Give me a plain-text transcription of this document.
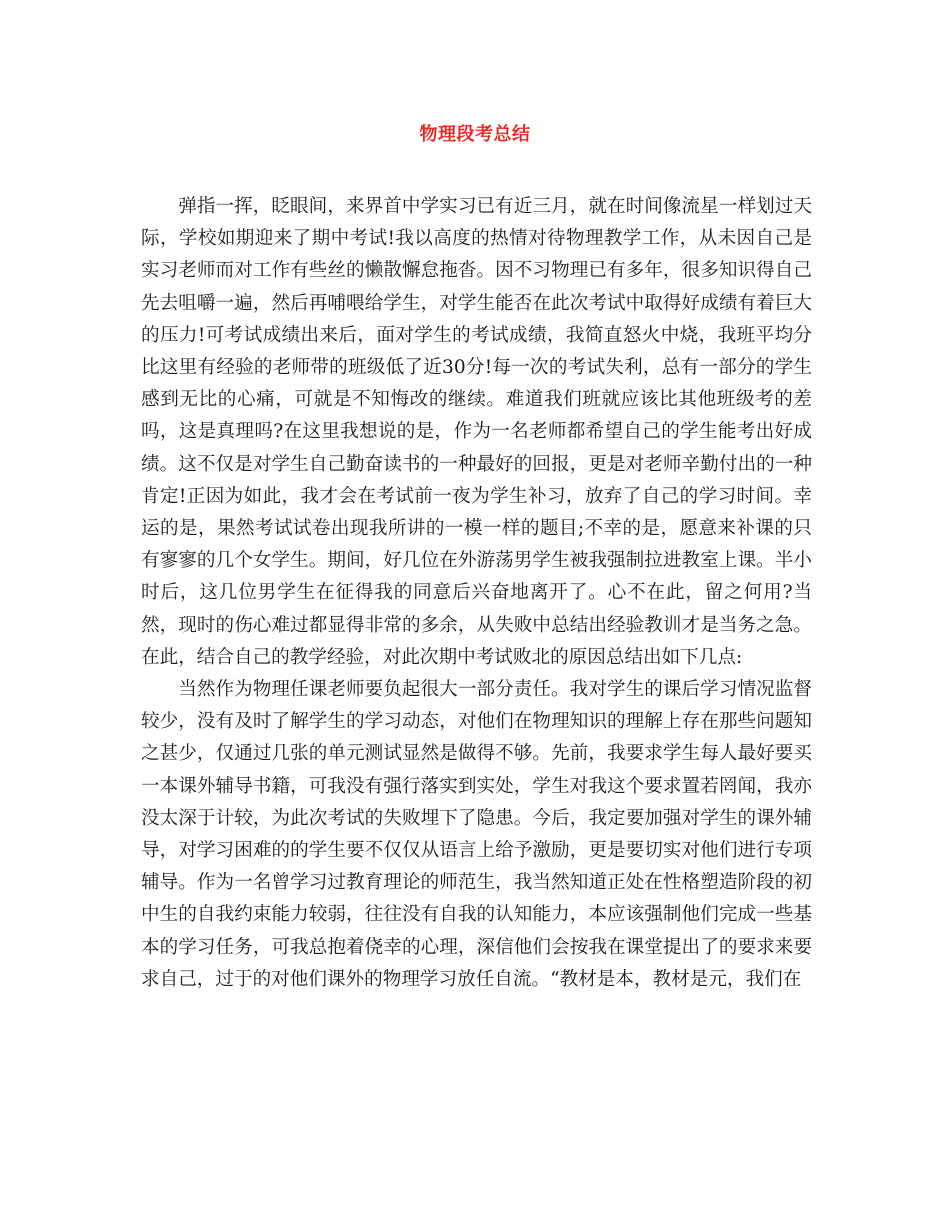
物理段考总结

弹指一挥，眨眼间，来界首中学实习已有近三月，就在时间像流星一样划过天际，学校如期迎来了期中考试!我以高度的热情对待物理教学工作，从未因自己是实习老师而对工作有些丝的懒散懈怠拖沓。因不习物理已有多年，很多知识得自己先去咀嚼一遍，然后再哺喂给学生，对学生能否在此次考试中取得好成绩有着巨大的压力!可考试成绩出来后，面对学生的考试成绩，我简直怒火中烧，我班平均分比这里有经验的老师带的班级低了近30分!每一次的考试失利，总有一部分的学生感到无比的心痛，可就是不知悔改的继续。难道我们班就应该比其他班级考的差吗，这是真理吗?在这里我想说的是，作为一名老师都希望自己的学生能考出好成绩。这不仅是对学生自己勤奋读书的一种最好的回报，更是对老师辛勤付出的一种肯定!正因为如此，我才会在考试前一夜为学生补习，放弃了自己的学习时间。幸运的是，果然考试试卷出现我所讲的一模一样的题目;不幸的是，愿意来补课的只有寥寥的几个女学生。期间，好几位在外游荡男学生被我强制拉进教室上课。半小时后，这几位男学生在征得我的同意后兴奋地离开了。心不在此，留之何用?当然，现时的伤心难过都显得非常的多余，从失败中总结出经验教训才是当务之急。在此，结合自己的教学经验，对此次期中考试败北的原因总结出如下几点:

当然作为物理任课老师要负起很大一部分责任。我对学生的课后学习情况监督较少，没有及时了解学生的学习动态，对他们在物理知识的理解上存在那些问题知之甚少，仅通过几张的单元测试显然是做得不够。先前，我要求学生每人最好要买一本课外辅导书籍，可我没有强行落实到实处，学生对我这个要求置若罔闻，我亦没太深于计较，为此次考试的失败埋下了隐患。今后，我定要加强对学生的课外辅导，对学习困难的的学生要不仅仅从语言上给予激励，更是要切实对他们进行专项辅导。作为一名曾学习过教育理论的师范生，我当然知道正处在性格塑造阶段的初中生的自我约束能力较弱，往往没有自我的认知能力，本应该强制他们完成一些基本的学习任务，可我总抱着侥幸的心理，深信他们会按我在课堂提出了的要求来要求自己，过于的对他们课外的物理学习放任自流。“教材是本，教材是元，我们在
